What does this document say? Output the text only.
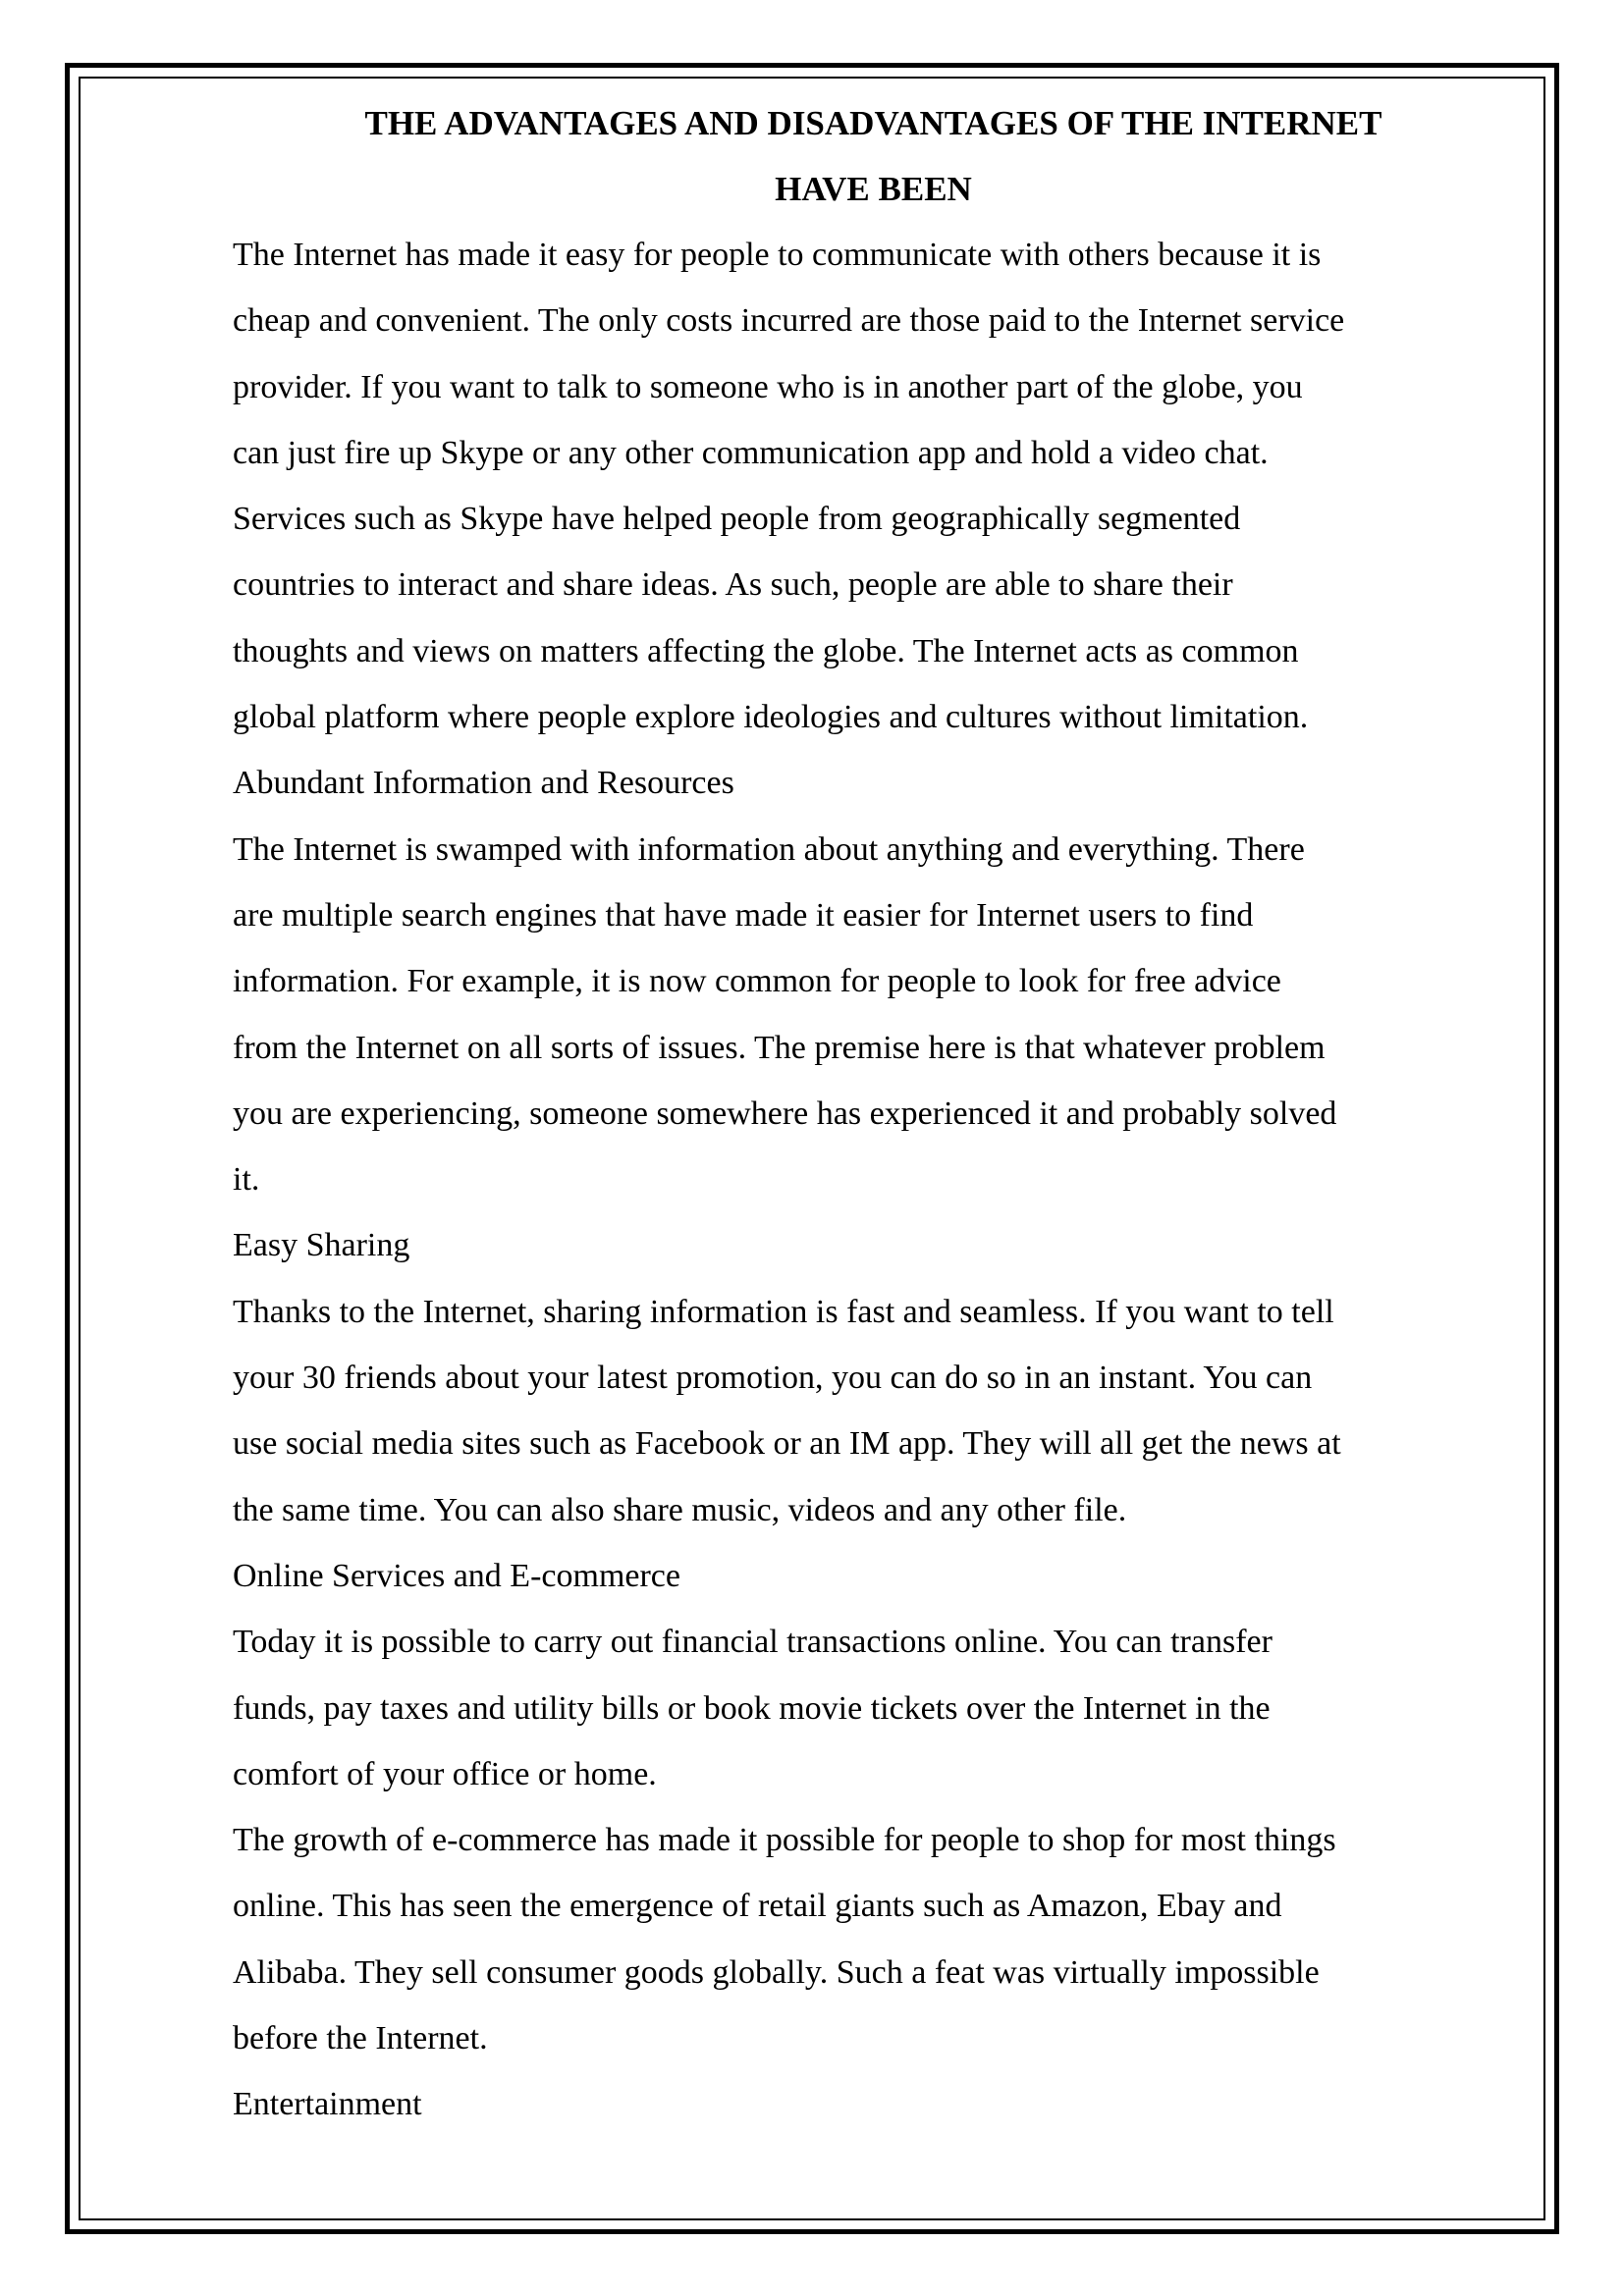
THE ADVANTAGES AND DISADVANTAGES OF THE INTERNET
HAVE BEEN

The Internet has made it easy for people to communicate with others because it is

cheap and convenient. The only costs incurred are those paid to the Internet service

provider. If you want to talk to someone who is in another part of the globe, you

can just fire up Skype or any other communication app and hold a video chat.

Services such as Skype have helped people from geographically segmented

countries to interact and share ideas. As such, people are able to share their

thoughts and views on matters affecting the globe. The Internet acts as common

global platform where people explore ideologies and cultures without limitation.

Abundant Information and Resources

The Internet is swamped with information about anything and everything. There

are multiple search engines that have made it easier for Internet users to find

information. For example, it is now common for people to look for free advice

from the Internet on all sorts of issues. The premise here is that whatever problem

you are experiencing, someone somewhere has experienced it and probably solved

it.

Easy Sharing

Thanks to the Internet, sharing information is fast and seamless. If you want to tell

your 30 friends about your latest promotion, you can do so in an instant. You can

use social media sites such as Facebook or an IM app. They will all get the news at

the same time. You can also share music, videos and any other file.

Online Services and E-commerce

Today it is possible to carry out financial transactions online. You can transfer

funds, pay taxes and utility bills or book movie tickets over the Internet in the

comfort of your office or home.

The growth of e-commerce has made it possible for people to shop for most things

online. This has seen the emergence of retail giants such as Amazon, Ebay and

Alibaba. They sell consumer goods globally. Such a feat was virtually impossible

before the Internet.

Entertainment
